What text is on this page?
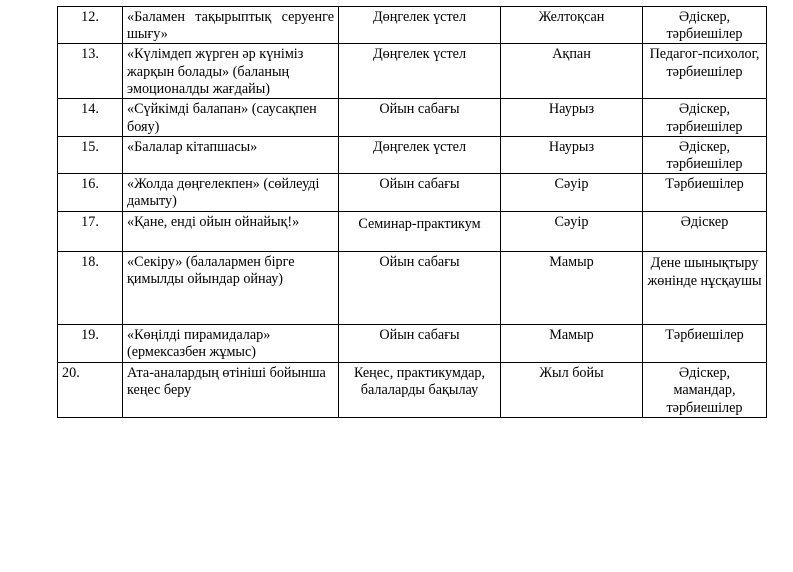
12.	«Баламен тақырыптық серуенге шығу»	Дөңгелек үстел	Желтоқсан	Әдіскер, тәрбиешілер
13.	«Күлімдеп жүрген әр күніміз жарқын болады» (баланың эмоционалды жағдайы)	Дөңгелек үстел	Ақпан	Педагог-психолог, тәрбиешілер
14.	«Сүйкімді балапан» (саусақпен бояу)	Ойын сабағы	Наурыз	Әдіскер, тәрбиешілер
15.	«Балалар кітапшасы»	Дөңгелек үстел	Наурыз	Әдіскер, тәрбиешілер
16.	«Жолда дөңгелекпен» (сөйлеуді дамыту)	Ойын сабағы	Сәуір	Тәрбиешілер
17.	«Қане, енді ойын ойнайық!»	Семинар-практикум	Сәуір	Әдіскер
18.	«Секіру» (балалармен бірге қимылды ойындар ойнау)	Ойын сабағы	Мамыр	Дене шынықтыру жөнінде нұсқаушы
19.	«Көңілді пирамидалар» (ермексазбен жұмыс)	Ойын сабағы	Мамыр	Тәрбиешілер
20.	Ата-аналардың өтініші бойынша кеңес беру	Кеңес, практикумдар, балаларды бақылау	Жыл бойы	Әдіскер, мамандар, тәрбиешілер
